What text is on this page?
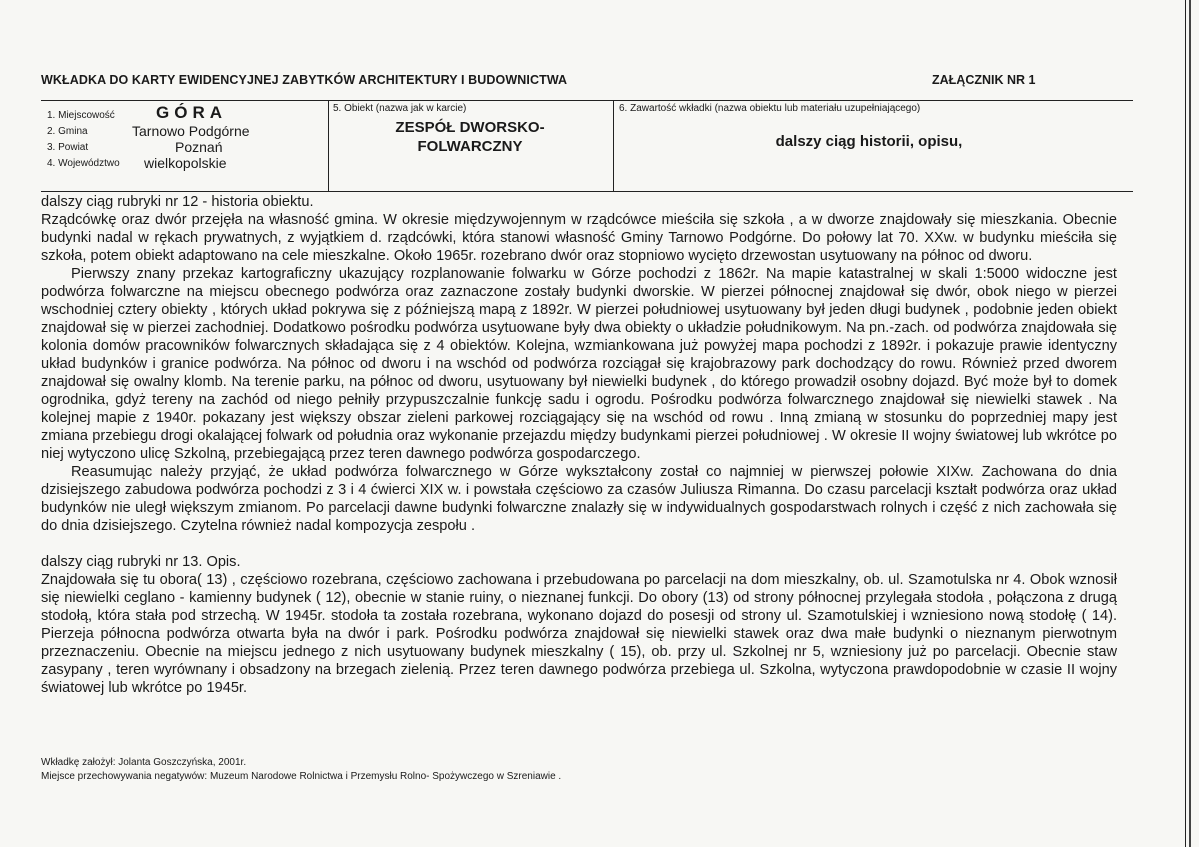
WKŁADKA DO KARTY EWIDENCYJNEJ ZABYTKÓW ARCHITEKTURY I BUDOWNICTWA	ZAŁĄCZNIK NR 1
1. Miejscowość GÓRA
2. Gmina	Tarnowo Podgórne
3. Powiat	Poznań
4. Województwo wielkopolskie
5. Obiekt (nazwa jak w karcie)
ZESPÓŁ DWORSKO-
FOLWARCZNY
6. Zawartość wkładki (nazwa obiektu lub materiału uzupełniającego)
dalszy ciąg historii, opisu,

dalszy ciąg rubryki nr 12 - historia obiektu.

Rządcówkę oraz dwór przejęła na własność gmina. W okresie międzywojennym w rządcówce mieściła się szkoła , a w dworze znajdowały się mieszkania. Obecnie budynki nadal w rękach prywatnych, z wyjątkiem d. rządcówki, która stanowi własność Gminy Tarnowo Podgórne. Do połowy lat 70. XXw. w budynku mieściła się szkoła, potem obiekt adaptowano na cele mieszkalne. Około 1965r. rozebrano dwór oraz stopniowo wycięto drzewostan usytuowany na północ od dworu.

Pierwszy znany przekaz kartograficzny ukazujący rozplanowanie folwarku w Górze pochodzi z 1862r. Na mapie katastralnej w skali 1:5000 widoczne jest podwórza folwarczne na miejscu obecnego podwórza oraz zaznaczone zostały budynki dworskie. W pierzei północnej znajdował się dwór, obok niego w pierzei wschodniej cztery obiekty , których układ pokrywa się z późniejszą mapą z 1892r. W pierzei południowej usytuowany był jeden długi budynek , podobnie jeden obiekt znajdował się w pierzei zachodniej. Dodatkowo pośrodku podwórza usytuowane były dwa obiekty o układzie południkowym. Na pn.-zach. od podwórza znajdowała się kolonia domów pracowników folwarcznych składająca się z 4 obiektów. Kolejna, wzmiankowana już powyżej mapa pochodzi z 1892r. i pokazuje prawie identyczny układ budynków i granice podwórza. Na północ od dworu i na wschód od podwórza rozciągał się krajobrazowy park dochodzący do rowu. Również przed dworem znajdował się owalny klomb. Na terenie parku, na północ od dworu, usytuowany był niewielki budynek , do którego prowadził osobny dojazd. Być może był to domek ogrodnika, gdyż tereny na zachód od niego pełniły przypuszczalnie funkcję sadu i ogrodu. Pośrodku podwórza folwarcznego znajdował się niewielki stawek . Na kolejnej mapie z 1940r. pokazany jest większy obszar zieleni parkowej rozciągający się na wschód od rowu . Inną zmianą w stosunku do poprzedniej mapy jest zmiana przebiegu drogi okalającej folwark od południa oraz wykonanie przejazdu między budynkami pierzei południowej . W okresie II wojny światowej lub wkrótce po niej wytyczono ulicę Szkolną, przebiegającą przez teren dawnego podwórza gospodarczego.

Reasumując należy przyjąć, że układ podwórza folwarcznego w Górze wykształcony został co najmniej w pierwszej połowie XIXw. Zachowana do dnia dzisiejszego zabudowa podwórza pochodzi z 3 i 4 ćwierci XIX w. i powstała częściowo za czasów Juliusza Rimanna. Do czasu parcelacji kształt podwórza oraz układ budynków nie uległ większym zmianom. Po parcelacji dawne budynki folwarczne znalazły się w indywidualnych gospodarstwach rolnych i część z nich zachowała się do dnia dzisiejszego. Czytelna również nadal kompozycja zespołu .

dalszy ciąg rubryki nr 13. Opis.

Znajdowała się tu obora( 13) , częściowo rozebrana, częściowo zachowana i przebudowana po parcelacji na dom mieszkalny, ob. ul. Szamotulska nr 4. Obok wznosił się niewielki ceglano - kamienny budynek ( 12), obecnie w stanie ruiny, o nieznanej funkcji. Do obory (13) od strony północnej przylegała stodoła , połączona z drugą stodołą, która stała pod strzechą. W 1945r. stodoła ta została rozebrana, wykonano dojazd do posesji od strony ul. Szamotulskiej i wzniesiono nową stodołę ( 14). Pierzeja północna podwórza otwarta była na dwór i park. Pośrodku podwórza znajdował się niewielki stawek oraz dwa małe budynki o nieznanym pierwotnym przeznaczeniu. Obecnie na miejscu jednego z nich usytuowany budynek mieszkalny ( 15), ob. przy ul. Szkolnej nr 5, wzniesiony już po parcelacji. Obecnie staw zasypany , teren wyrównany i obsadzony na brzegach zielenią. Przez teren dawnego podwórza przebiega ul. Szkolna, wytyczona prawdopodobnie w czasie II wojny światowej lub wkrótce po 1945r.

Wkładkę założył: Jolanta Goszczyńska, 2001r.
Miejsce przechowywania negatywów: Muzeum Narodowe Rolnictwa i Przemysłu Rolno- Spożywczego w Szreniawie .
